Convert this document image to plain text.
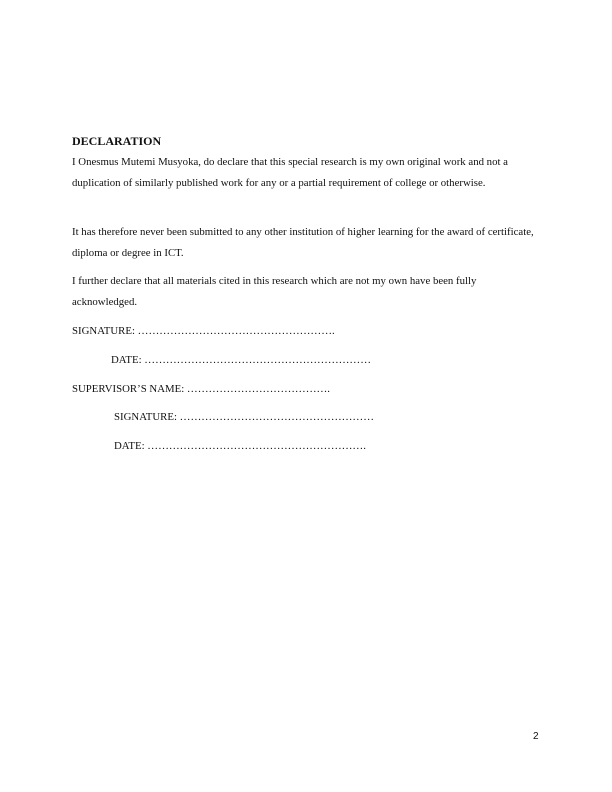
DECLARATION
I Onesmus Mutemi Musyoka, do declare that this special research is my own original work and not a duplication of similarly published work for any or a partial requirement of college or otherwise.
It has therefore never been submitted to any other institution of higher learning for the award of certificate, diploma or degree in ICT.
I further declare that all materials cited in this research which are not my own have been fully acknowledged.
SIGNATURE: ……………………………………………….
DATE: ………………………………………………………
SUPERVISOR’S NAME: ………………………………….
SIGNATURE: ………………………………………………
DATE: …………………………………………………….
2
